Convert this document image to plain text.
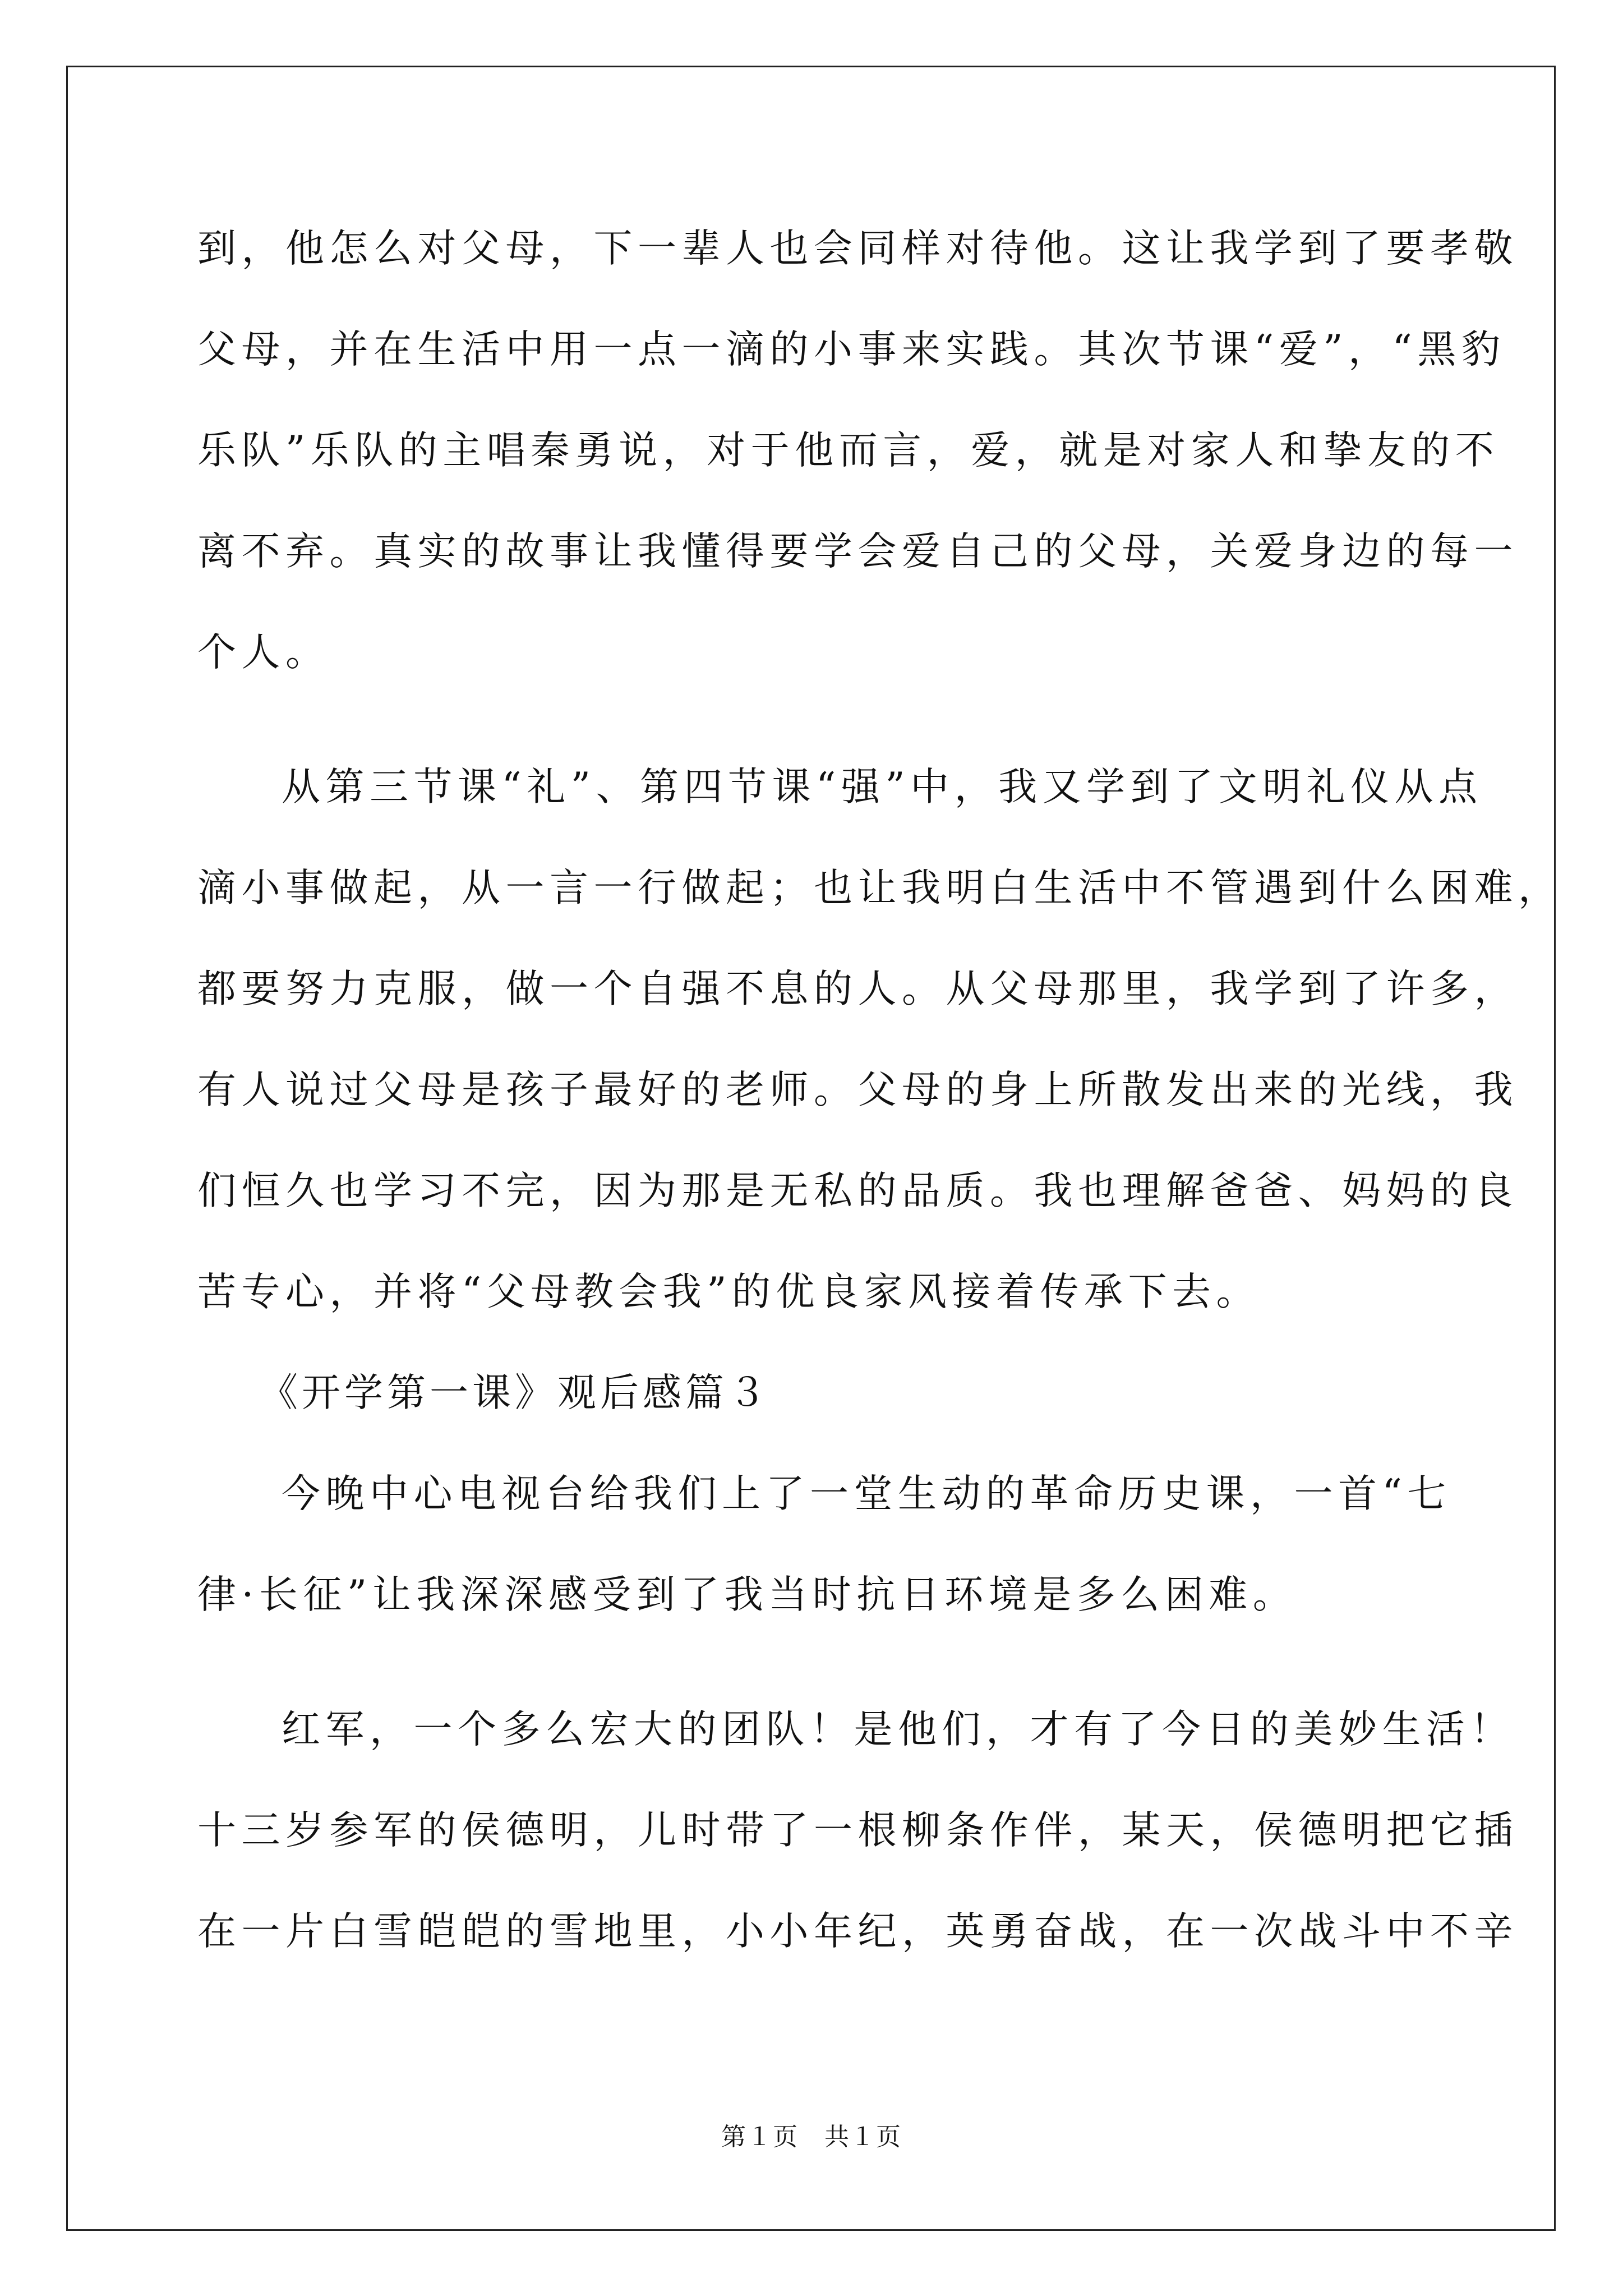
到，他怎么对父母，下一辈人也会同样对待他。这让我学到了要孝敬
父母，并在生活中用一点一滴的小事来实践。其次节课“爱”，“黑豹
乐队”乐队的主唱秦勇说，对于他而言，爱，就是对家人和挚友的不
离不弃。真实的故事让我懂得要学会爱自己的父母，关爱身边的每一
个人。
从第三节课“礼”、第四节课“强”中，我又学到了文明礼仪从点
滴小事做起，从一言一行做起；也让我明白生活中不管遇到什么困难，
都要努力克服，做一个自强不息的人。从父母那里，我学到了许多，
有人说过父母是孩子最好的老师。父母的身上所散发出来的光线，我
们恒久也学习不完，因为那是无私的品质。我也理解爸爸、妈妈的良
苦专心，并将“父母教会我”的优良家风接着传承下去。
《开学第一课》观后感篇３
今晚中心电视台给我们上了一堂生动的革命历史课，一首“七
律·长征”让我深深感受到了我当时抗日环境是多么困难。
红军，一个多么宏大的团队！是他们，才有了今日的美妙生活！
十三岁参军的侯德明，儿时带了一根柳条作伴，某天，侯德明把它插
在一片白雪皑皑的雪地里，小小年纪，英勇奋战，在一次战斗中不辛
第１页　共１页
